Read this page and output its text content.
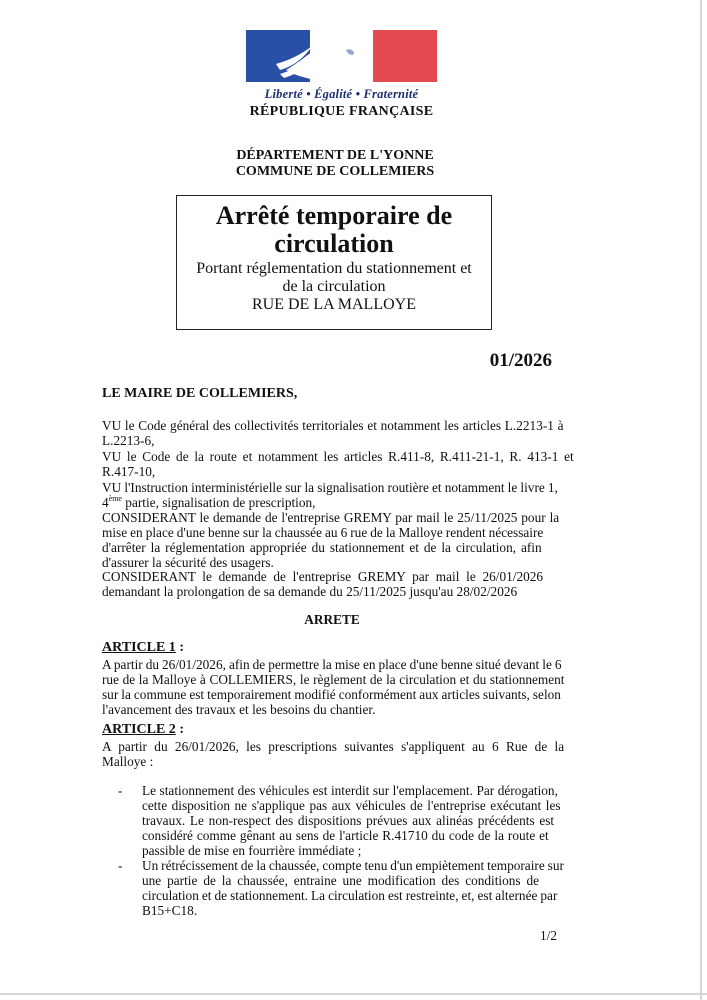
Liberté • Égalité • Fraternité
RÉPUBLIQUE FRANÇAISE
DÉPARTEMENT DE L'YONNE
COMMUNE DE COLLEMIERS
Arrêté temporaire de
circulation
Portant réglementation du stationnement et
de la circulation
RUE DE LA MALLOYE
01/2026
LE MAIRE DE COLLEMIERS,
VU le Code général des collectivités territoriales et notamment les articles L.2213-1 à
L.2213-6,
VU le Code de la route et notamment les articles R.411-8, R.411-21-1, R. 413-1 et
R.417-10,
VU l'Instruction interministérielle sur la signalisation routière et notamment le livre 1,
4ème partie, signalisation de prescription,
CONSIDERANT le demande de l'entreprise GREMY par mail le 25/11/2025 pour la
mise en place d'une benne sur la chaussée au 6 rue de la Malloye rendent nécessaire
d'arrêter la réglementation appropriée du stationnement et de la circulation, afin
d'assurer la sécurité des usagers.
CONSIDERANT le demande de l'entreprise GREMY par mail le 26/01/2026
demandant la prolongation de sa demande du 25/11/2025 jusqu'au 28/02/2026
ARRETE
ARTICLE 1 :
A partir du 26/01/2026, afin de permettre la mise en place d'une benne situé devant le 6
rue de la Malloye à COLLEMIERS, le règlement de la circulation et du stationnement
sur la commune est temporairement modifié conformément aux articles suivants, selon
l'avancement des travaux et les besoins du chantier.
ARTICLE 2 :
A partir du 26/01/2026, les prescriptions suivantes s'appliquent au 6 Rue de la
Malloye :
- Le stationnement des véhicules est interdit sur l'emplacement. Par dérogation,
cette disposition ne s'applique pas aux véhicules de l'entreprise exécutant les
travaux. Le non-respect des dispositions prévues aux alinéas précédents est
considéré comme gênant au sens de l'article R.41710 du code de la route et
passible de mise en fourrière immédiate ;
- Un rétrécissement de la chaussée, compte tenu d'un empiètement temporaire sur
une partie de la chaussée, entraine une modification des conditions de
circulation et de stationnement. La circulation est restreinte, et, est alternée par
B15+C18.
1/2
